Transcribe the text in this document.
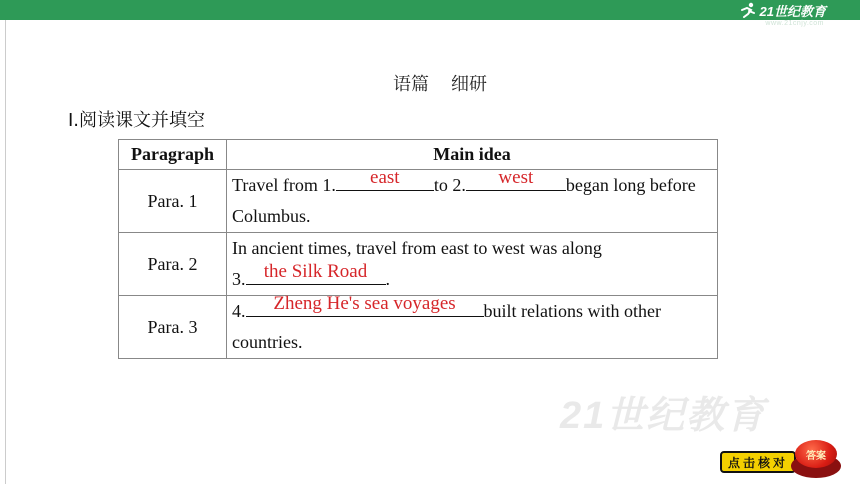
21世纪教育
www.21cnjy.com
语篇 细研
Ⅰ.阅读课文并填空
Paragraph	Main idea
Para. 1	Travel from 1. east to 2. west began long before Columbus.
Para. 2	In ancient times, travel from east to west was along
3. the Silk Road .
Para. 3	4. Zheng He's sea voyages built relations with other countries.
21世纪教育
点击核对	答案
